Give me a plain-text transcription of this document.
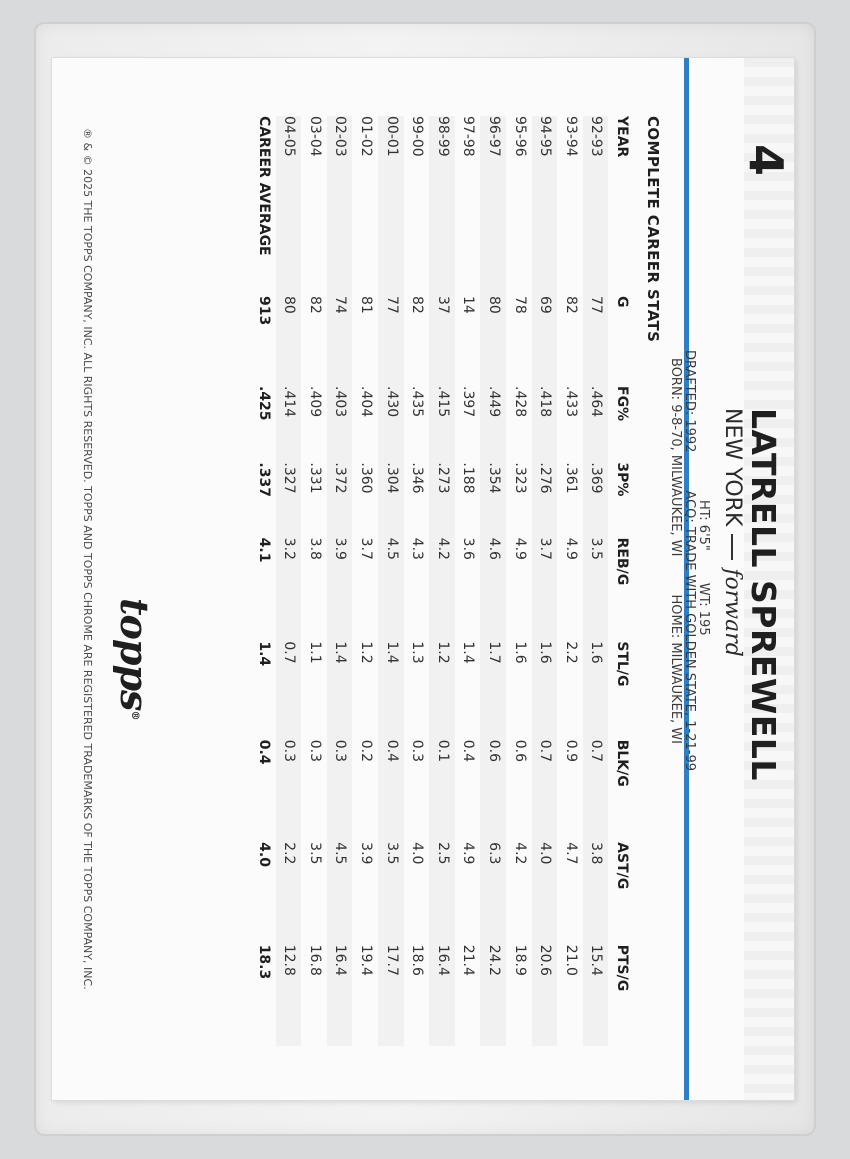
4
LATRELL SPREWELL
NEW YORKforward
HT: 6'5"WT: 195
DRAFTED: 1992ACQ: TRADE WITH GOLDEN STATE, 1-21-99
BORN: 9-8-70, MILWAUKEE, WIHOME: MILWAUKEE, WI
COMPLETE CAREER STATS
YEAR	G	FG%	3P%	REB/G	STL/G	BLK/G	AST/G	PTS/G
92-93	77	.464	.369	3.5	1.6	0.7	3.8	15.4
93-94	82	.433	.361	4.9	2.2	0.9	4.7	21.0
94-95	69	.418	.276	3.7	1.6	0.7	4.0	20.6
95-96	78	.428	.323	4.9	1.6	0.6	4.2	18.9
96-97	80	.449	.354	4.6	1.7	0.6	6.3	24.2
97-98	14	.397	.188	3.6	1.4	0.4	4.9	21.4
98-99	37	.415	.273	4.2	1.2	0.1	2.5	16.4
99-00	82	.435	.346	4.3	1.3	0.3	4.0	18.6
00-01	77	.430	.304	4.5	1.4	0.4	3.5	17.7
01-02	81	.404	.360	3.7	1.2	0.2	3.9	19.4
02-03	74	.403	.372	3.9	1.4	0.3	4.5	16.4
03-04	82	.409	.331	3.8	1.1	0.3	3.5	16.8
04-05	80	.414	.327	3.2	0.7	0.3	2.2	12.8
CAREER AVERAGE	913	.425	.337	4.1	1.4	0.4	4.0	18.3
topps®
® & © 2025 THE TOPPS COMPANY, INC. ALL RIGHTS RESERVED. TOPPS AND TOPPS CHROME ARE REGISTERED TRADEMARKS OF THE TOPPS COMPANY, INC.
